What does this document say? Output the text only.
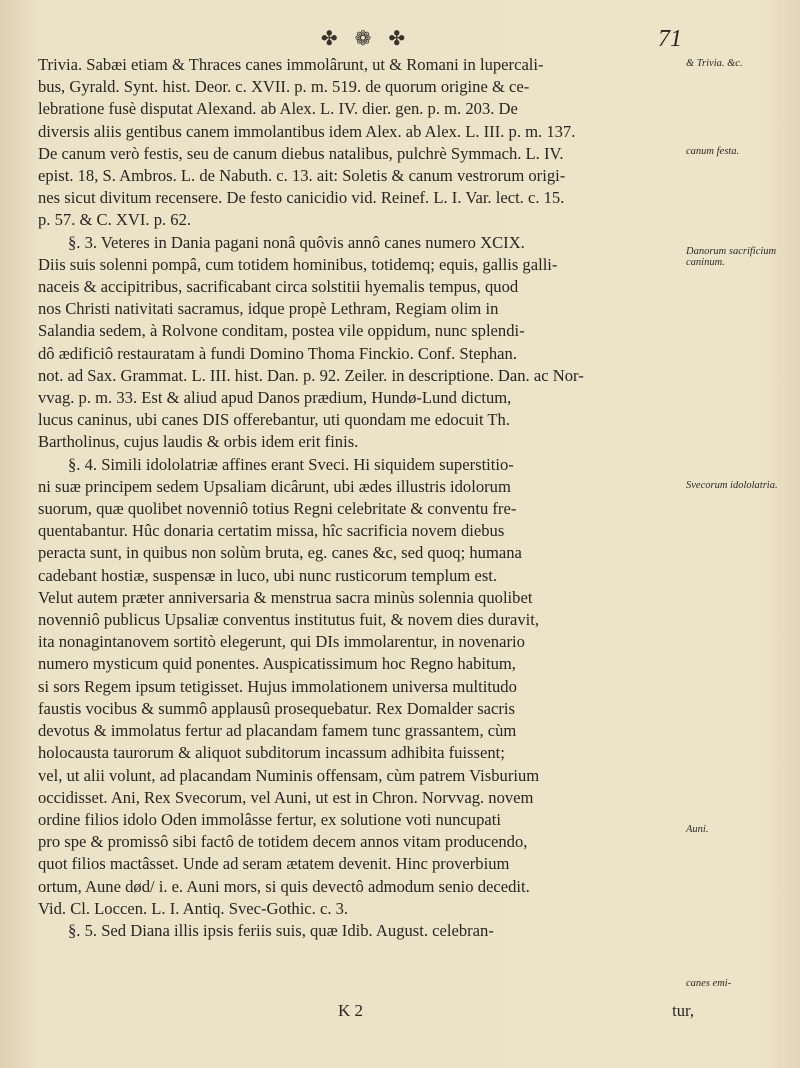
✤ ❁ ✤	71

Trivia. Sabæi etiam & Thraces canes immolârunt, ut & Romani in lupercali-

bus, Gyrald. Synt. hist. Deor. c. XVII. p. m. 519. de quorum origine & ce-

lebratione fusè disputat Alexand. ab Alex. L. IV. dier. gen. p. m. 203. De

diversis aliis gentibus canem immolantibus idem Alex. ab Alex. L. III. p. m. 137.

De canum verò festis, seu de canum diebus natalibus, pulchrè Symmach. L. IV.

epist. 18, S. Ambros. L. de Nabuth. c. 13. ait: Soletis & canum vestrorum origi-

nes sicut divitum recensere. De festo canicidio vid. Reinef. L. I. Var. lect. c. 15.

p. 57. & C. XVI. p. 62.

§. 3. Veteres in Dania pagani nonâ quôvis annô canes numero XCIX.

Diis suis solenni pompâ, cum totidem hominibus, totidemq; equis, gallis galli-

naceis & accipitribus, sacrificabant circa solstitii hyemalis tempus, quod

nos Christi nativitati sacramus, idque propè Lethram, Regiam olim in

Salandia sedem, à Rolvone conditam, postea vile oppidum, nunc splendi-

dô ædificiô restauratam à fundi Domino Thoma Finckio. Conf. Stephan.

not. ad Sax. Grammat. L. III. hist. Dan. p. 92. Zeiler. in descriptione. Dan. ac Nor-

vvag. p. m. 33. Est & aliud apud Danos prædium, Hundø-Lund dictum,

lucus caninus, ubi canes DIS offerebantur, uti quondam me edocuit Th.

Bartholinus, cujus laudis & orbis idem erit finis.

§. 4. Simili idololatriæ affines erant Sveci. Hi siquidem superstitio-

ni suæ principem sedem Upsaliam dicârunt, ubi ædes illustris idolorum

suorum, quæ quolibet novenniô totius Regni celebritate & conventu fre-

quentabantur. Hûc donaria certatim missa, hîc sacrificia novem diebus

peracta sunt, in quibus non solùm bruta, eg. canes &c, sed quoq; humana

cadebant hostiæ, suspensæ in luco, ubi nunc rusticorum templum est.

Velut autem præter anniversaria & menstrua sacra minùs solennia quolibet

novenniô publicus Upsaliæ conventus institutus fuit, & novem dies duravit,

ita nonagintanovem sortitò elegerunt, qui DIs immolarentur, in novenario

numero mysticum quid ponentes. Auspicatissimum hoc Regno habitum,

si sors Regem ipsum tetigisset. Hujus immolationem universa multitudo

faustis vocibus & summô applausû prosequebatur. Rex Domalder sacris

devotus & immolatus fertur ad placandam famem tunc grassantem, cùm

holocausta taurorum & aliquot subditorum incassum adhibita fuissent;

vel, ut alii volunt, ad placandam Numinis offensam, cùm patrem Visburium

occidisset. Ani, Rex Svecorum, vel Auni, ut est in Chron. Norvvag. novem

ordine filios idolo Oden immolâsse fertur, ex solutione voti nuncupati

pro spe & promissô sibi factô de totidem decem annos vitam producendo,

quot filios mactâsset. Unde ad seram ætatem devenit. Hinc proverbium

ortum, Aune død/ i. e. Auni mors, si quis devectô admodum senio decedit.

Vid. Cl. Loccen. L. I. Antiq. Svec-Gothic. c. 3.

§. 5. Sed Diana illis ipsis feriis suis, quæ Idib. August. celebran-

& Trivia. &c.
canum festa.
Danorum sacrificium caninum.
Svecorum idololatria.
Auni.
canes emi-
K 2	tur,
